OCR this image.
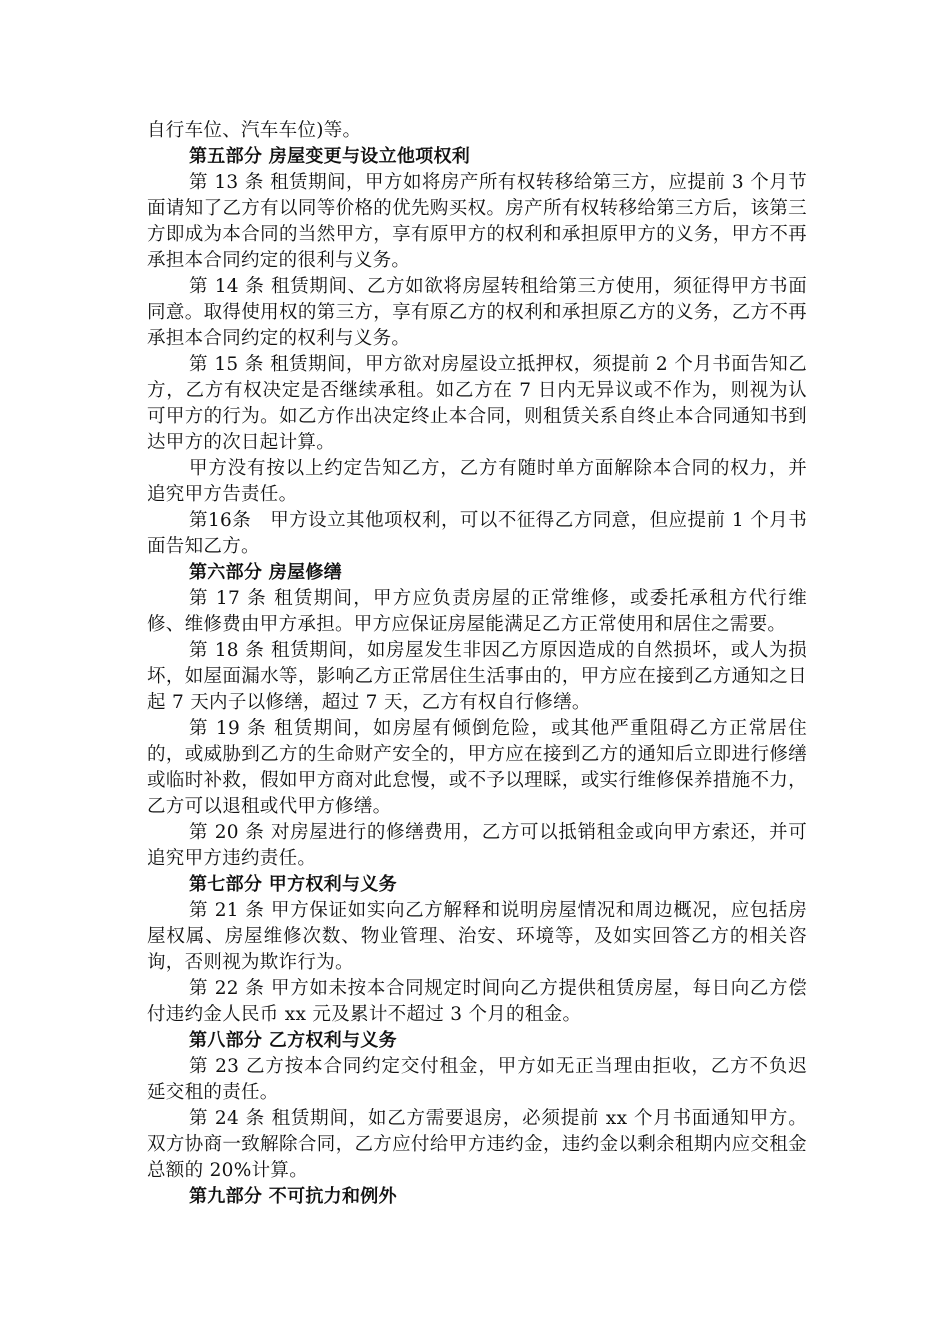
自行车位、汽车车位)等。

第五部分 房屋变更与设立他项权利

第 13 条 租赁期间，甲方如将房产所有权转移给第三方，应提前 3 个月节面请知了乙方有以同等价格的优先购买权。房产所有权转移给第三方后，该第三方即成为本合同的当然甲方，享有原甲方的权利和承担原甲方的义务，甲方不再承担本合同约定的很利与义务。

第 14 条 租赁期间、乙方如欲将房屋转租给第三方使用，须征得甲方书面同意。取得使用权的第三方，享有原乙方的权利和承担原乙方的义务，乙方不再承担本合同约定的权利与义务。

第 15 条 租赁期间，甲方欲对房屋设立抵押权，须提前 2 个月书面告知乙方，乙方有权决定是否继续承租。如乙方在 7 日内无异议或不作为，则视为认可甲方的行为。如乙方作出决定终止本合同，则租赁关系自终止本合同通知书到达甲方的次日起计算。

甲方没有按以上约定告知乙方，乙方有随时单方面解除本合同的权力，并追究甲方告责任。

第16条　甲方设立其他项权利，可以不征得乙方同意，但应提前 1 个月书面告知乙方。

第六部分 房屋修缮

第 17 条 租赁期间，甲方应负责房屋的正常维修，或委托承租方代行维修、维修费由甲方承担。甲方应保证房屋能满足乙方正常使用和居住之需要。

第 18 条 租赁期间，如房屋发生非因乙方原因造成的自然损坏，或人为损坏，如屋面漏水等，影响乙方正常居住生活事由的，甲方应在接到乙方通知之日起 7 天内子以修缮，超过 7 天，乙方有权自行修缮。

第 19 条 租赁期间，如房屋有倾倒危险，或其他严重阻碍乙方正常居住的，或威胁到乙方的生命财产安全的，甲方应在接到乙方的通知后立即进行修缮或临时补救，假如甲方商对此怠慢，或不予以理睬，或实行维修保养措施不力，乙方可以退租或代甲方修缮。

第 20 条 对房屋进行的修缮费用，乙方可以抵销租金或向甲方索还，并可追究甲方违约责任。

第七部分 甲方权利与义务

第 21 条 甲方保证如实向乙方解释和说明房屋情况和周边概况，应包括房屋权属、房屋维修次数、物业管理、治安、环境等，及如实回答乙方的相关咨询，否则视为欺诈行为。

第 22 条 甲方如未按本合同规定时间向乙方提供租赁房屋，每日向乙方偿付违约金人民币 xx 元及累计不超过 3 个月的租金。

第八部分 乙方权利与义务

第 23 乙方按本合同约定交付租金，甲方如无正当理由拒收，乙方不负迟延交租的责任。

第 24 条 租赁期间，如乙方需要退房，必须提前 xx 个月书面通知甲方。双方协商一致解除合同，乙方应付给甲方违约金，违约金以剩余租期内应交租金总额的 20%计算。

第九部分 不可抗力和例外
